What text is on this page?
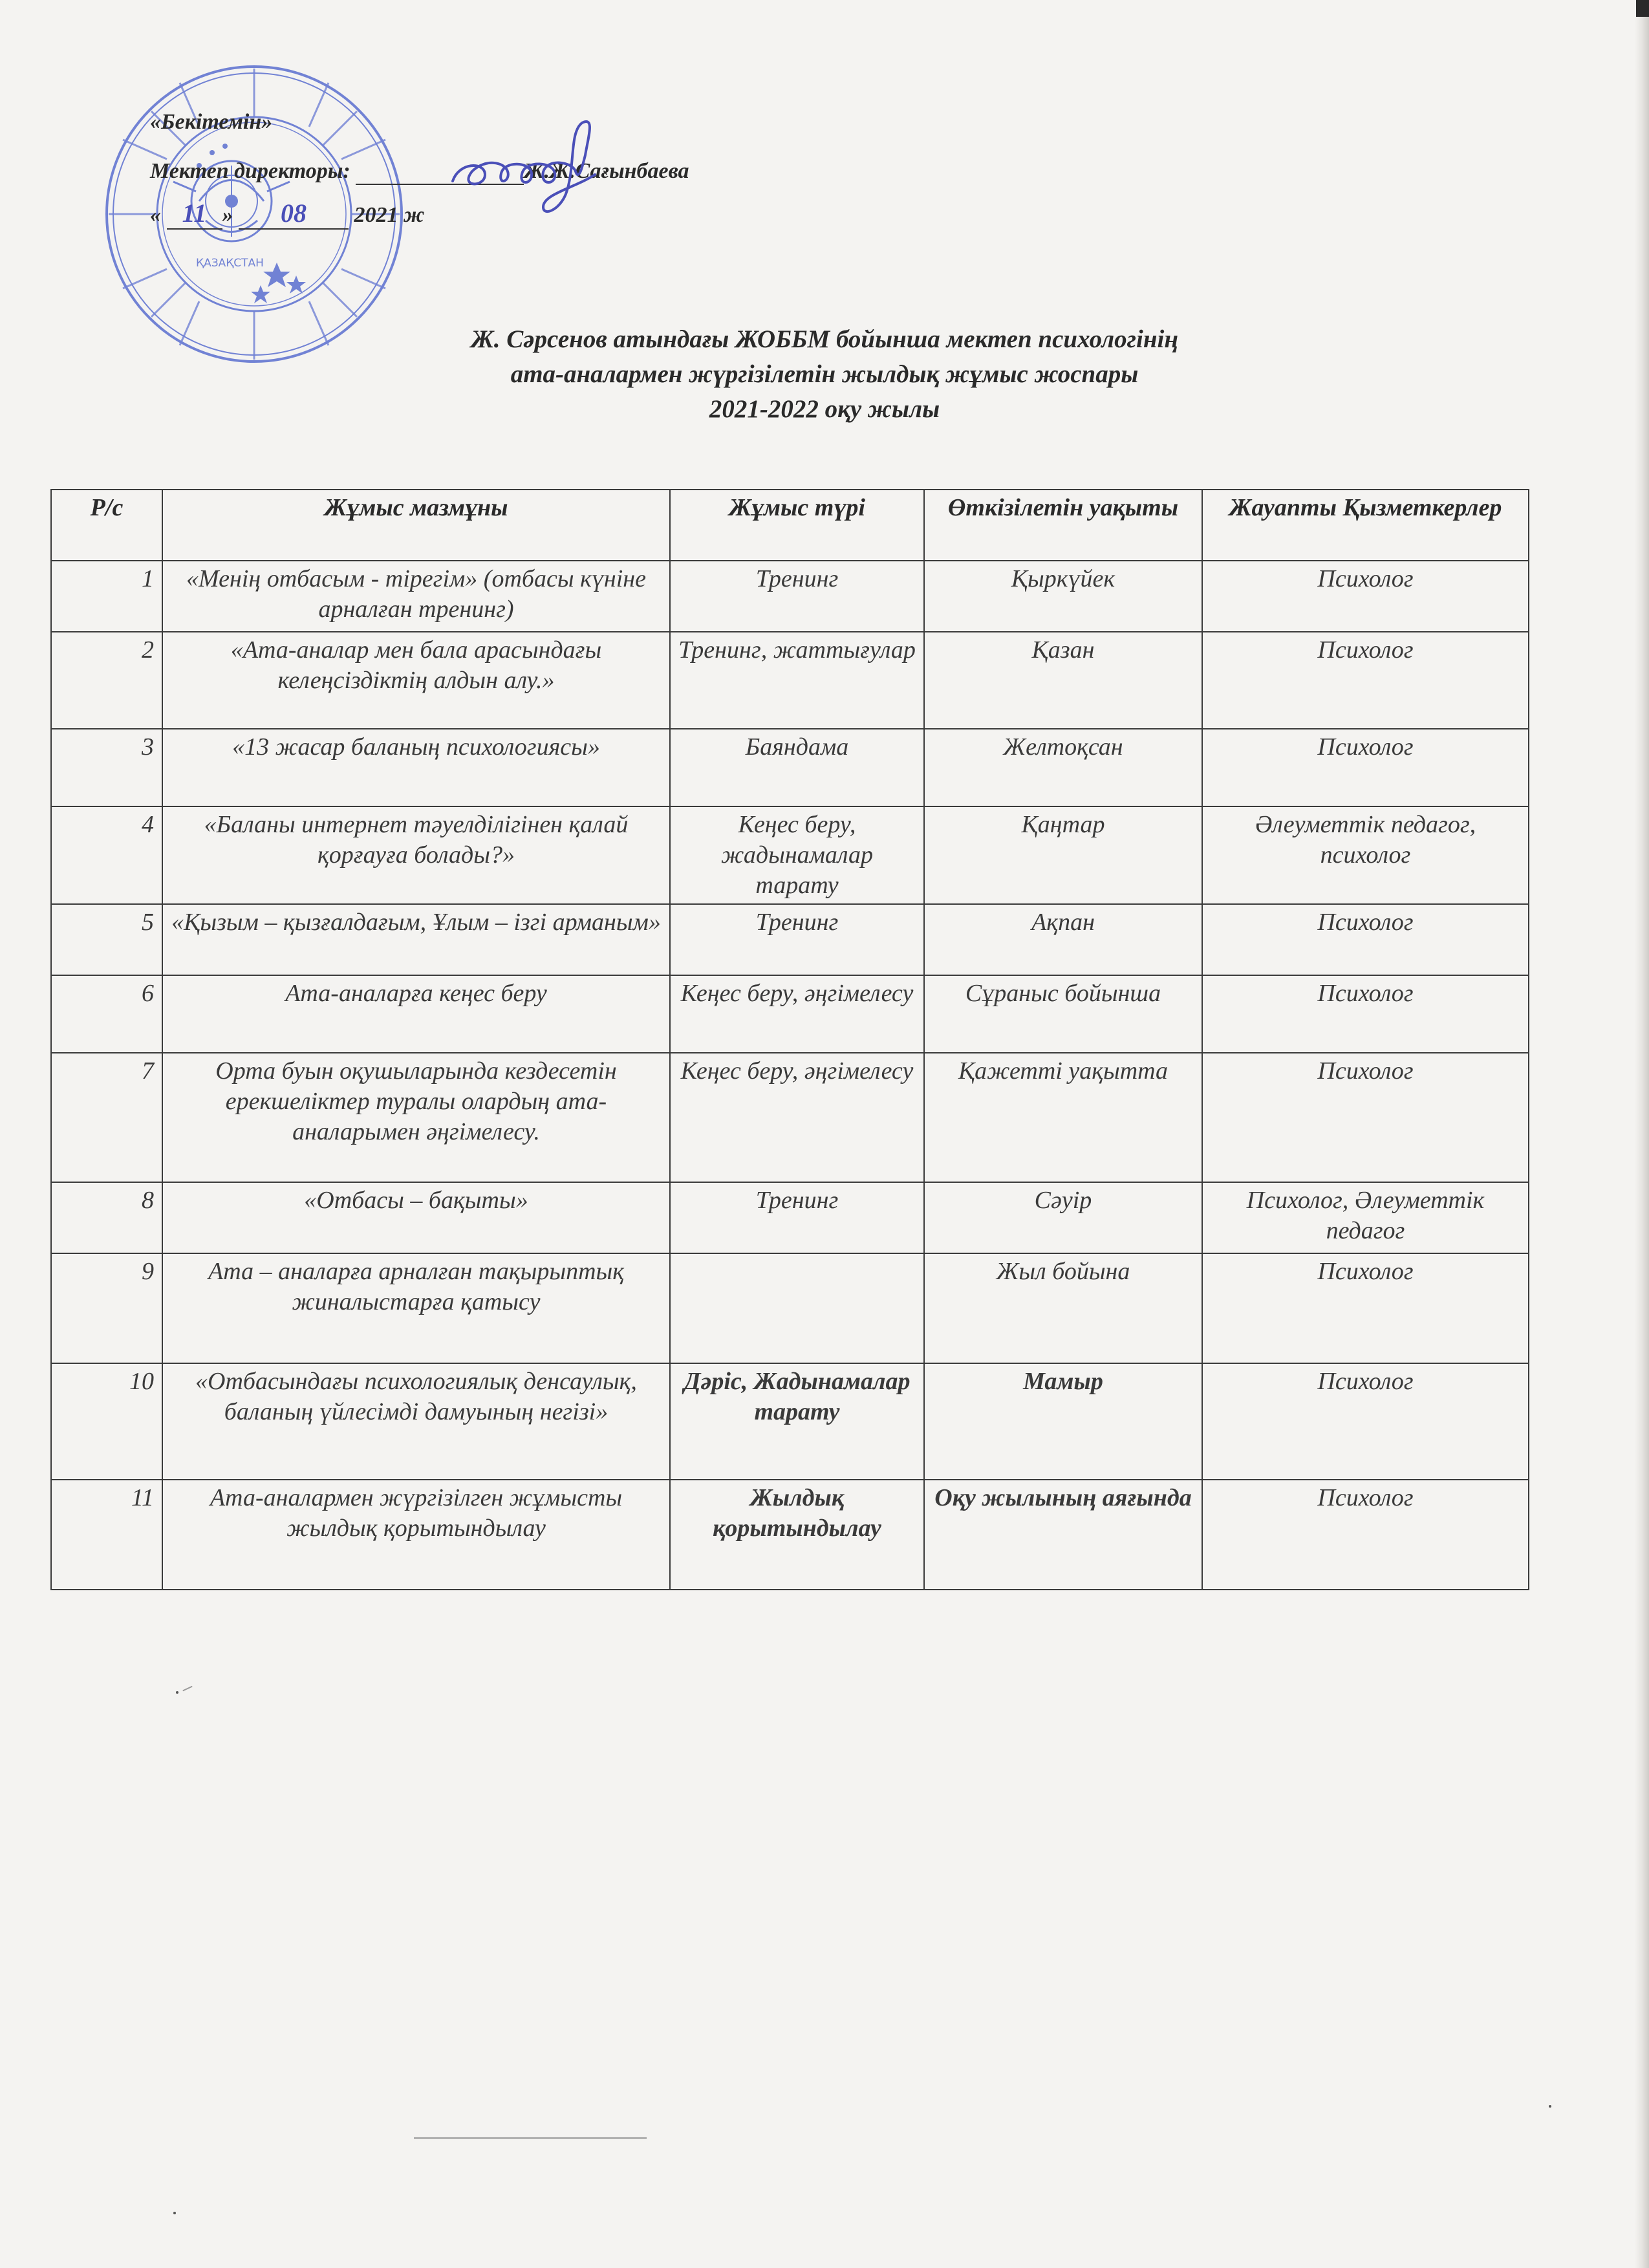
ҚАЗАҚСТАН
«Бекітемін»
Мектеп директоры:	Ж.Ж.Сағынбаева
« 11 » 08 2021 ж
Ж. Сәрсенов атындағы ЖОББМ бойынша мектеп психологінің
ата-аналармен жүргізілетін жылдық жұмыс жоспары
2021-2022 оқу жылы
Р/с	Жұмыс мазмұны	Жұмыс түрі	Өткізілетін уақыты	Жауапты Қызметкерлер
1	«Менің отбасым - тірегім» (отбасы күніне арналған тренинг)	Тренинг	Қыркүйек	Психолог
2	«Ата-аналар мен бала арасындағы келеңсіздіктің алдын алу.»	Тренинг, жаттығулар	Қазан	Психолог
3	«13 жасар баланың психологиясы»	Баяндама	Желтоқсан	Психолог
4	«Баланы интернет тәуелділігінен қалай қорғауға болады?»	Кеңес беру, жадынамалар тарату	Қаңтар	Әлеуметтік педагог, психолог
5	«Қызым – қызғалдағым, Ұлым – ізгі арманым»	Тренинг	Ақпан	Психолог
6	Ата-аналарға кеңес беру	Кеңес беру, әңгімелесу	Сұраныс бойынша	Психолог
7	Орта буын оқушыларында кездесетін ерекшеліктер туралы олардың ата-аналарымен әңгімелесу.	Кеңес беру, әңгімелесу	Қажетті уақытта	Психолог
8	«Отбасы – бақыты»	Тренинг	Сәуір	Психолог, Әлеуметтік педагог
9	Ата – аналарға арналған тақырыптық жиналыстарға қатысу		Жыл бойына	Психолог
10	«Отбасындағы психологиялық денсаулық, баланың үйлесімді дамуының негізі»	Дәріс, Жадынамалар тарату	Мамыр	Психолог
11	Ата-аналармен жүргізілген жұмысты жылдық қорытындылау	Жылдық қорытындылау	Оқу жылының аяғында	Психолог
